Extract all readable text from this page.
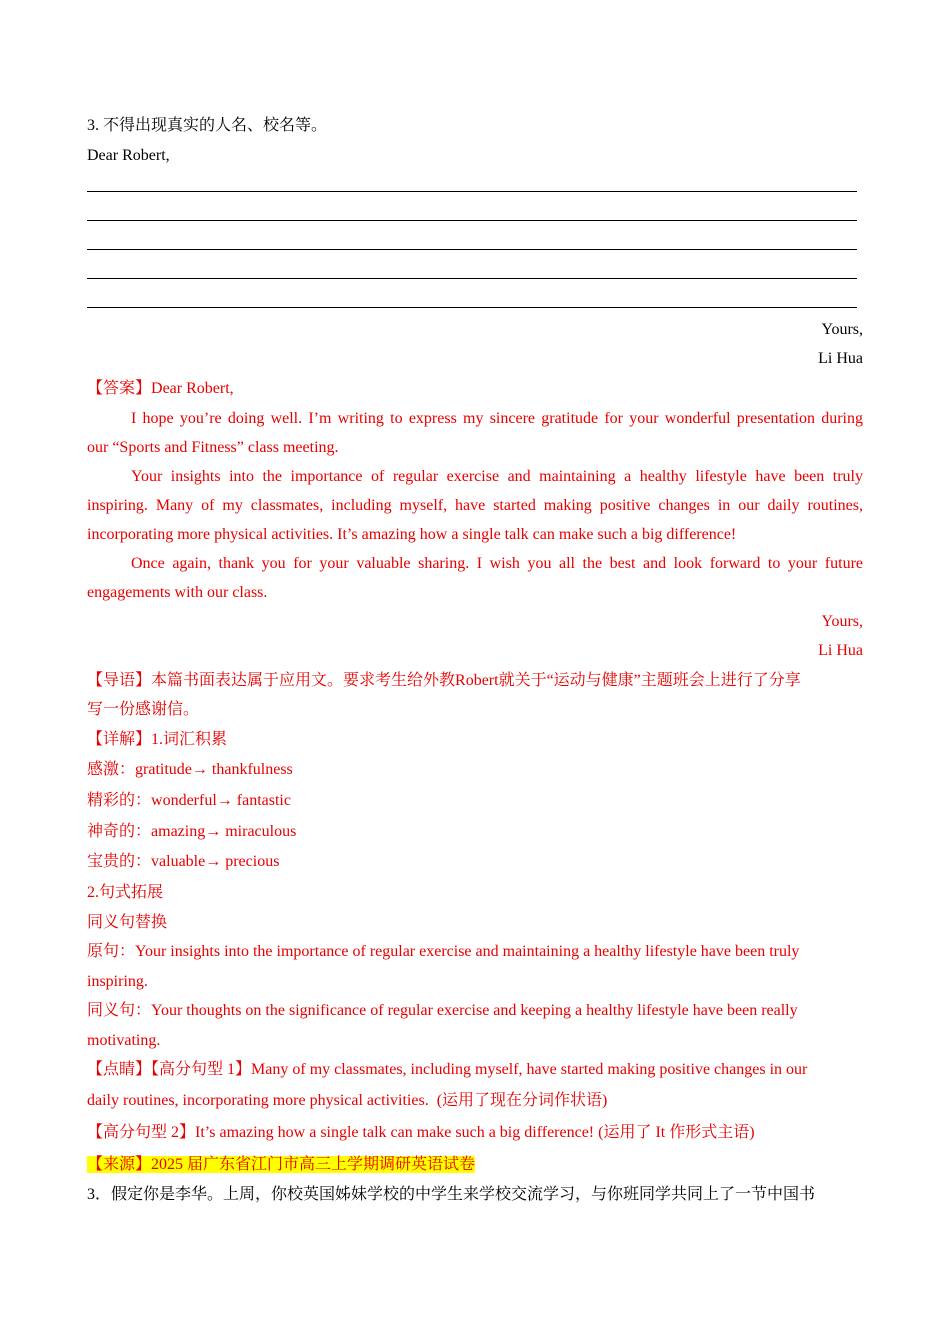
3. 不得出现真实的人名、校名等。
Dear Robert,
Yours,
Li Hua
【答案】Dear Robert,
I hope you’re doing well. I’m writing to express my sincere gratitude for your wonderful presentation during
our “Sports and Fitness” class meeting.
Your insights into the importance of regular exercise and maintaining a healthy lifestyle have been truly
inspiring. Many of my classmates, including myself, have started making positive changes in our daily routines,
incorporating more physical activities. It’s amazing how a single talk can make such a big difference!
Once again, thank you for your valuable sharing. I wish you all the best and look forward to your future
engagements with our class.
Yours,
Li Hua
【导语】本篇书面表达属于应用文。要求考生给外教Robert就关于“运动与健康”主题班会上进行了分享
写一份感谢信。
【详解】1.词汇积累
感激：gratitude→ thankfulness
精彩的：wonderful→ fantastic
神奇的：amazing→ miraculous
宝贵的：valuable→ precious
2.句式拓展
同义句替换
原句：Your insights into the importance of regular exercise and maintaining a healthy lifestyle have been truly
inspiring.
同义句：Your thoughts on the significance of regular exercise and keeping a healthy lifestyle have been really
motivating.
【点睛】【高分句型 1】Many of my classmates, including myself, have started making positive changes in our
daily routines, incorporating more physical activities. (运用了现在分词作状语)
【高分句型 2】It’s amazing how a single talk can make such a big difference! (运用了 It 作形式主语)
【来源】2025 届广东省江门市高三上学期调研英语试卷
3．假定你是李华。上周，你校英国姊妹学校的中学生来学校交流学习，与你班同学共同上了一节中国书
